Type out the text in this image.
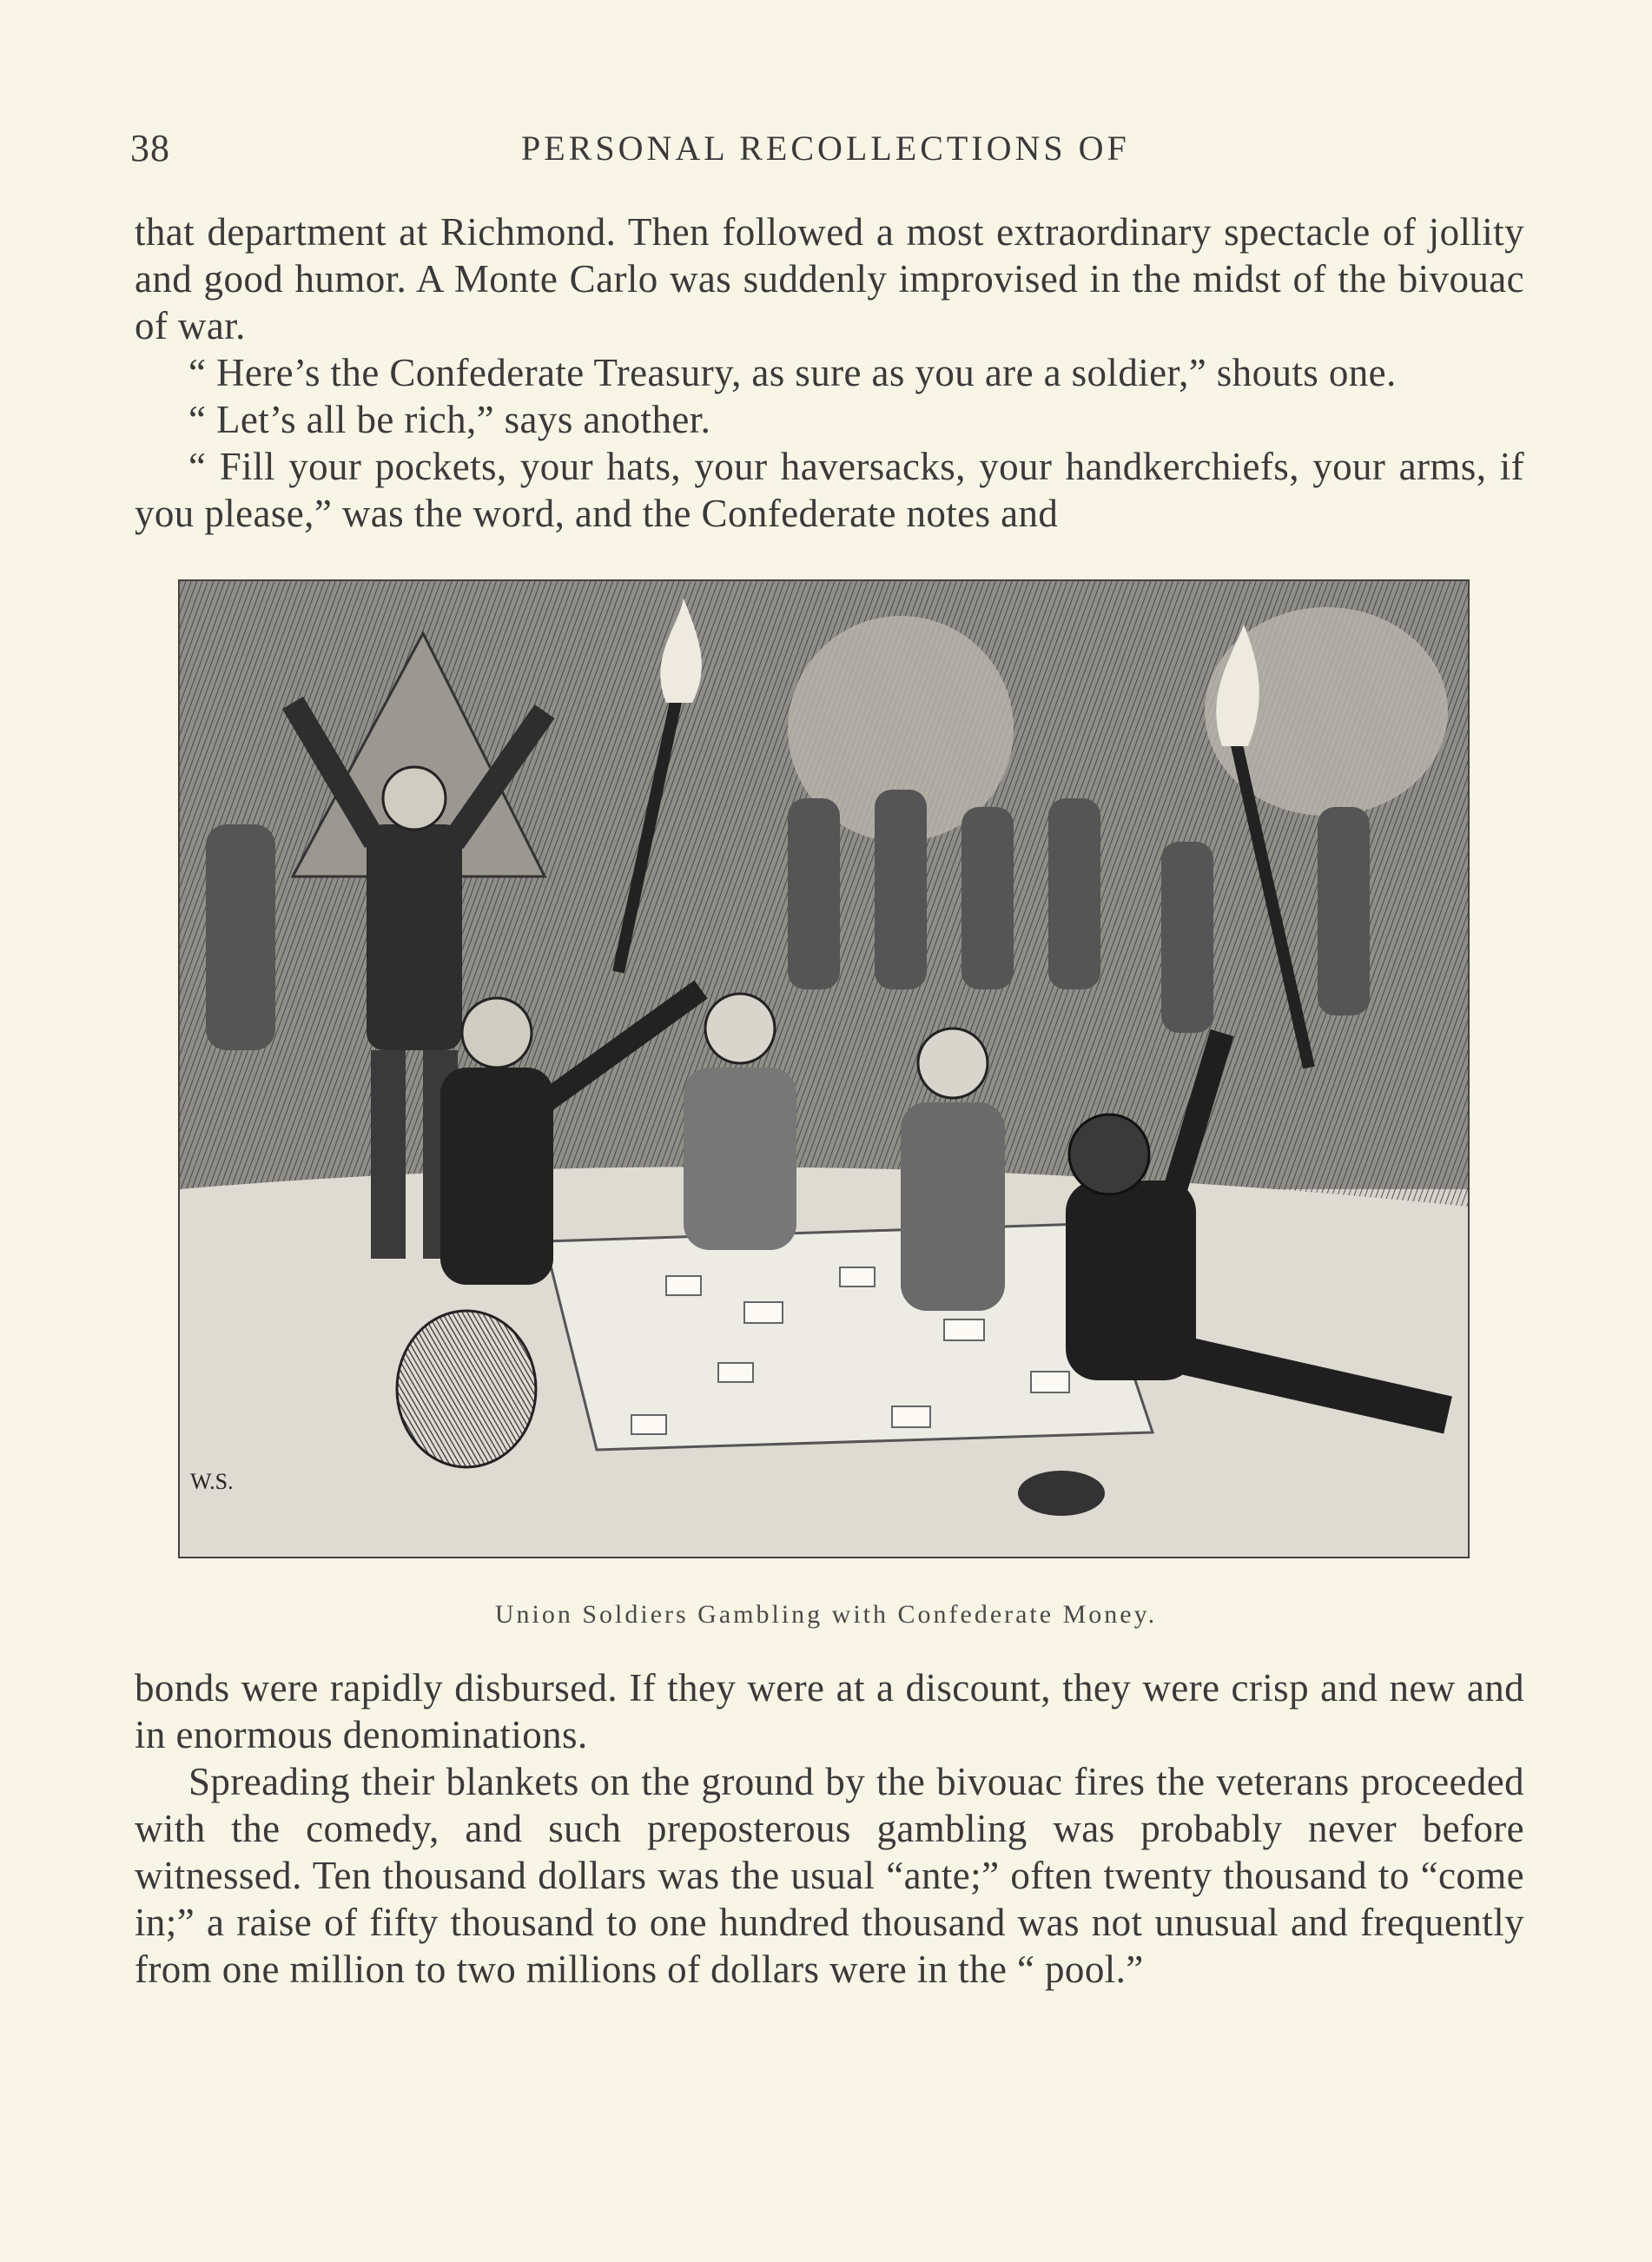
38	PERSONAL RECOLLECTIONS OF

that department at Richmond. Then followed a most extraordinary spectacle of jollity and good humor. A Monte Carlo was suddenly improvised in the midst of the bivouac of war.

“ Here’s the Confederate Treasury, as sure as you are a soldier,” shouts one.

“ Let’s all be rich,” says another.

“ Fill your pockets, your hats, your haversacks, your handkerchiefs, your arms, if you please,” was the word, and the Confederate notes and

W.S.
Union Soldiers Gambling with Confederate Money.

bonds were rapidly disbursed. If they were at a discount, they were crisp and new and in enormous denominations.

Spreading their blankets on the ground by the bivouac fires the veterans proceeded with the comedy, and such preposterous gambling was probably never before witnessed. Ten thousand dollars was the usual “ante;” often twenty thousand to “come in;” a raise of fifty thousand to one hundred thousand was not unusual and frequently from one million to two millions of dollars were in the “ pool.”
